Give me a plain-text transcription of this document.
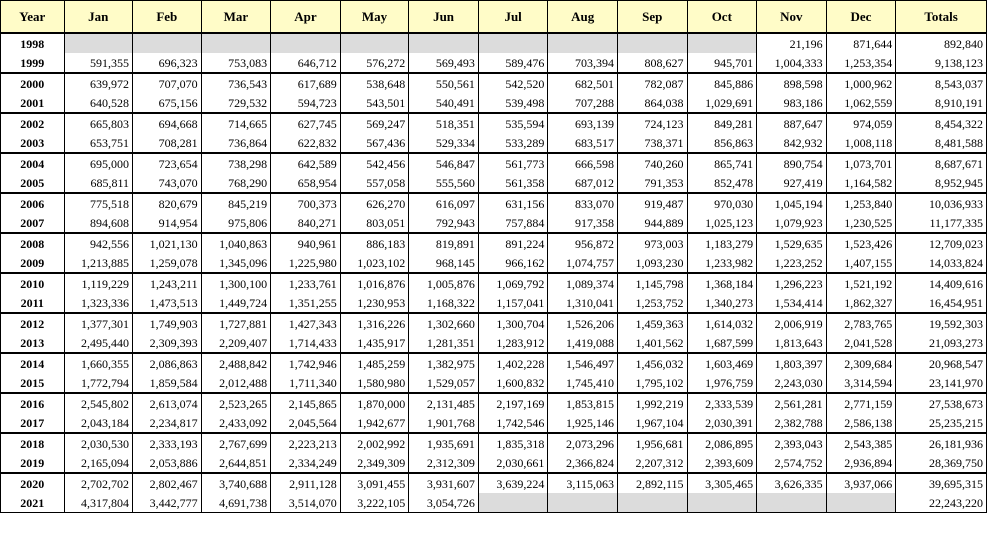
Year	Jan	Feb	Mar	Apr	May	Jun	Jul	Aug	Sep	Oct	Nov	Dec	Totals
1998											21,196	871,644	892,840
1999	591,355	696,323	753,083	646,712	576,272	569,493	589,476	703,394	808,627	945,701	1,004,333	1,253,354	9,138,123
2000	639,972	707,070	736,543	617,689	538,648	550,561	542,520	682,501	782,087	845,886	898,598	1,000,962	8,543,037
2001	640,528	675,156	729,532	594,723	543,501	540,491	539,498	707,288	864,038	1,029,691	983,186	1,062,559	8,910,191
2002	665,803	694,668	714,665	627,745	569,247	518,351	535,594	693,139	724,123	849,281	887,647	974,059	8,454,322
2003	653,751	708,281	736,864	622,832	567,436	529,334	533,289	683,517	738,371	856,863	842,932	1,008,118	8,481,588
2004	695,000	723,654	738,298	642,589	542,456	546,847	561,773	666,598	740,260	865,741	890,754	1,073,701	8,687,671
2005	685,811	743,070	768,290	658,954	557,058	555,560	561,358	687,012	791,353	852,478	927,419	1,164,582	8,952,945
2006	775,518	820,679	845,219	700,373	626,270	616,097	631,156	833,070	919,487	970,030	1,045,194	1,253,840	10,036,933
2007	894,608	914,954	975,806	840,271	803,051	792,943	757,884	917,358	944,889	1,025,123	1,079,923	1,230,525	11,177,335
2008	942,556	1,021,130	1,040,863	940,961	886,183	819,891	891,224	956,872	973,003	1,183,279	1,529,635	1,523,426	12,709,023
2009	1,213,885	1,259,078	1,345,096	1,225,980	1,023,102	968,145	966,162	1,074,757	1,093,230	1,233,982	1,223,252	1,407,155	14,033,824
2010	1,119,229	1,243,211	1,300,100	1,233,761	1,016,876	1,005,876	1,069,792	1,089,374	1,145,798	1,368,184	1,296,223	1,521,192	14,409,616
2011	1,323,336	1,473,513	1,449,724	1,351,255	1,230,953	1,168,322	1,157,041	1,310,041	1,253,752	1,340,273	1,534,414	1,862,327	16,454,951
2012	1,377,301	1,749,903	1,727,881	1,427,343	1,316,226	1,302,660	1,300,704	1,526,206	1,459,363	1,614,032	2,006,919	2,783,765	19,592,303
2013	2,495,440	2,309,393	2,209,407	1,714,433	1,435,917	1,281,351	1,283,912	1,419,088	1,401,562	1,687,599	1,813,643	2,041,528	21,093,273
2014	1,660,355	2,086,863	2,488,842	1,742,946	1,485,259	1,382,975	1,402,228	1,546,497	1,456,032	1,603,469	1,803,397	2,309,684	20,968,547
2015	1,772,794	1,859,584	2,012,488	1,711,340	1,580,980	1,529,057	1,600,832	1,745,410	1,795,102	1,976,759	2,243,030	3,314,594	23,141,970
2016	2,545,802	2,613,074	2,523,265	2,145,865	1,870,000	2,131,485	2,197,169	1,853,815	1,992,219	2,333,539	2,561,281	2,771,159	27,538,673
2017	2,043,184	2,234,817	2,433,092	2,045,564	1,942,677	1,901,768	1,742,546	1,925,146	1,967,104	2,030,391	2,382,788	2,586,138	25,235,215
2018	2,030,530	2,333,193	2,767,699	2,223,213	2,002,992	1,935,691	1,835,318	2,073,296	1,956,681	2,086,895	2,393,043	2,543,385	26,181,936
2019	2,165,094	2,053,886	2,644,851	2,334,249	2,349,309	2,312,309	2,030,661	2,366,824	2,207,312	2,393,609	2,574,752	2,936,894	28,369,750
2020	2,702,702	2,802,467	3,740,688	2,911,128	3,091,455	3,931,607	3,639,224	3,115,063	2,892,115	3,305,465	3,626,335	3,937,066	39,695,315
2021	4,317,804	3,442,777	4,691,738	3,514,070	3,222,105	3,054,726							22,243,220
